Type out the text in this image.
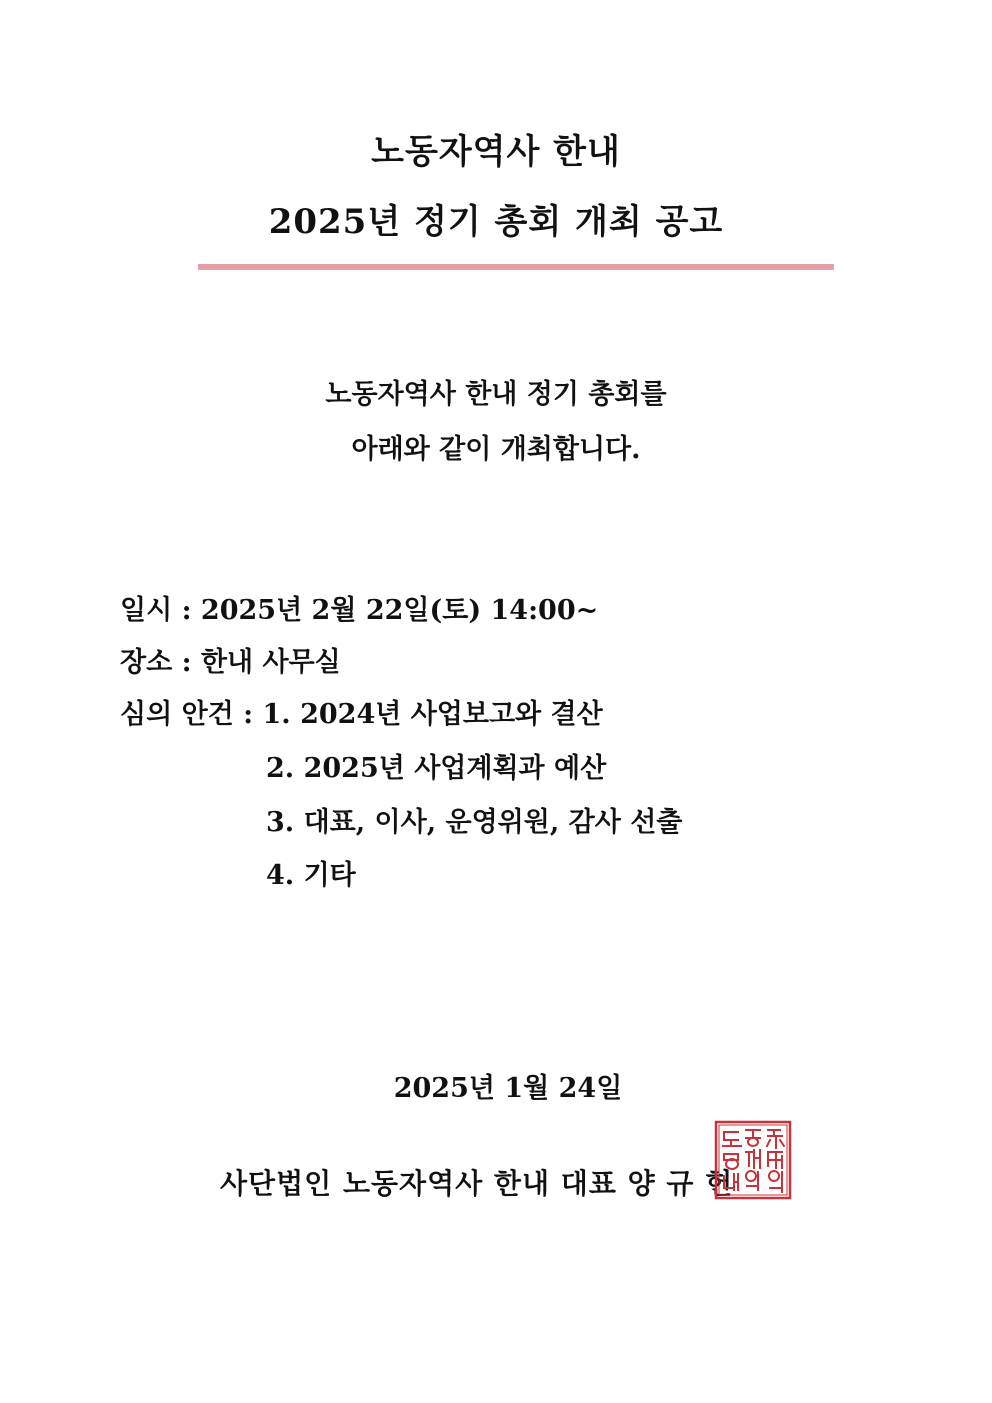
노동자역사 한내
2025년 정기 총회 개최 공고
노동자역사 한내 정기 총회를
아래와 같이 개최합니다.
일시 : 2025년 2월 22일(토) 14:00~
장소 : 한내 사무실
심의 안건 : 1. 2024년 사업보고와 결산
2. 2025년 사업계획과 예산
3. 대표, 이사, 운영위원, 감사 선출
4. 기타
2025년 1월 24일
사단법인 노동자역사 한내 대표 양 규 헌
